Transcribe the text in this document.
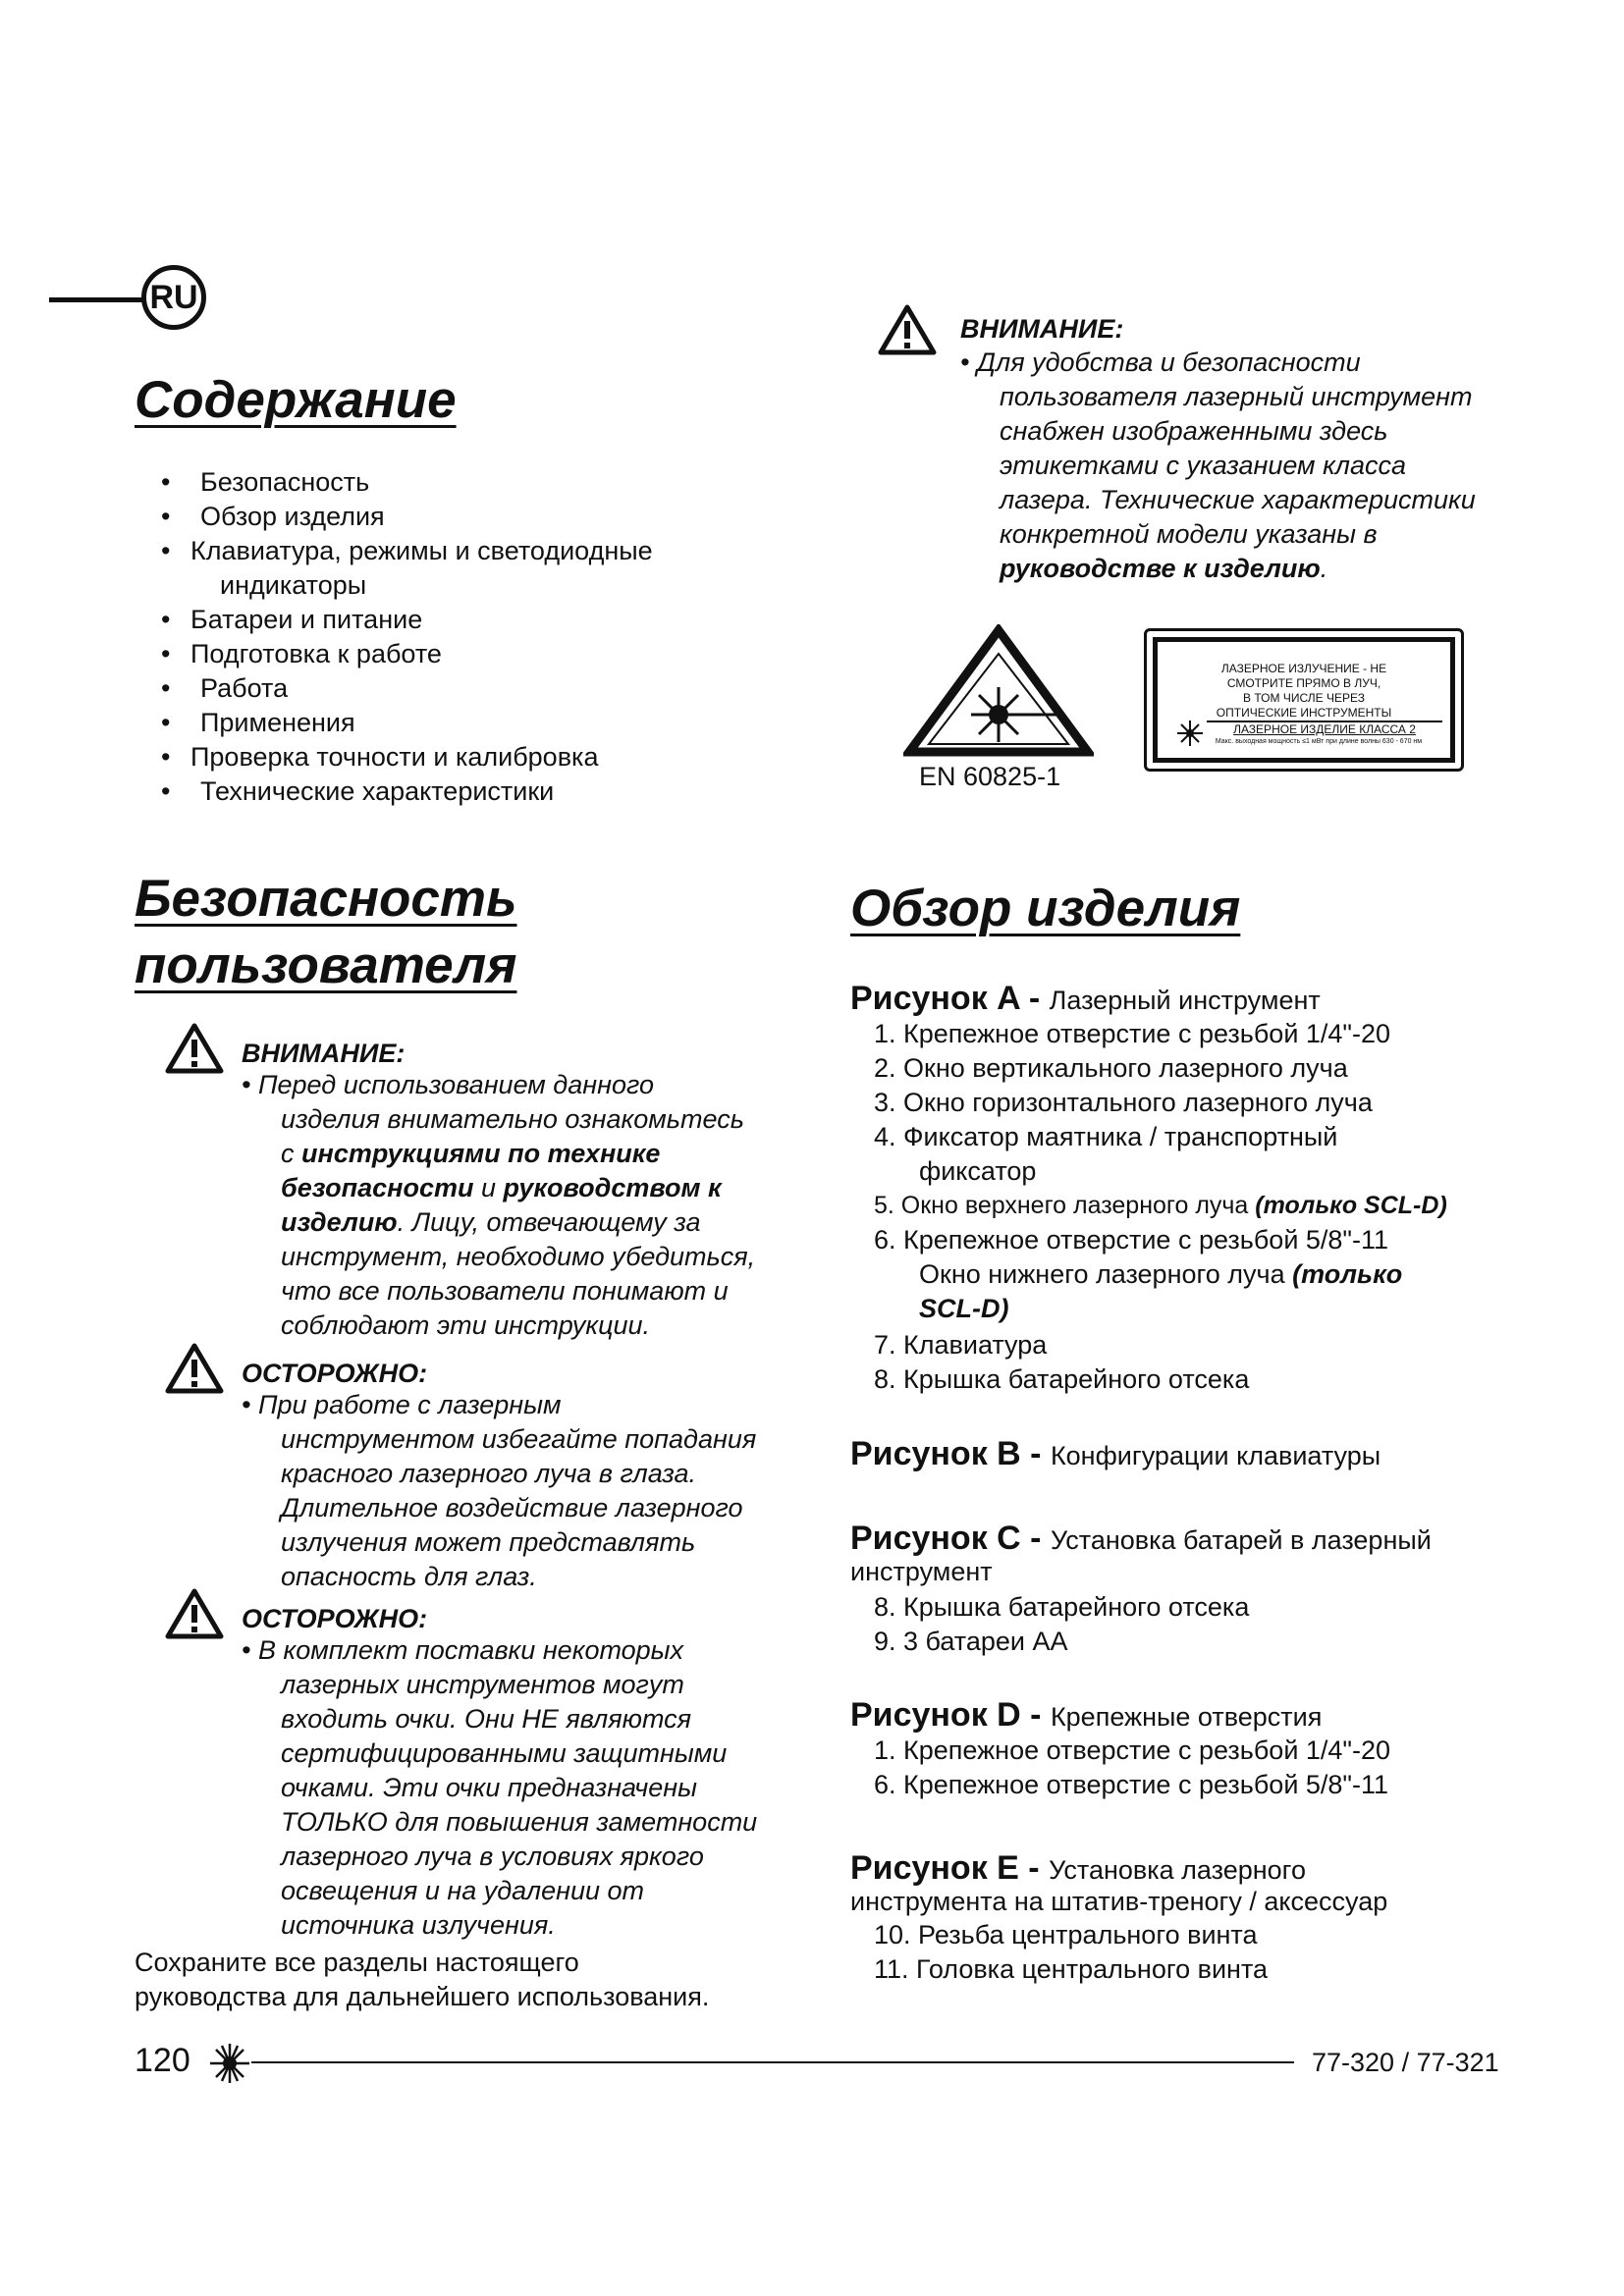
RU
Содержание
• Безопасность
• Обзор изделия
• Клавиатура, режимы и светодиодные
индикаторы
• Батареи и питание
• Подготовка к работе
• Работа
• Применения
• Проверка точности и калибровка
• Технические характеристики
Безопасность
пользователя
ВНИМАНИЕ:
• Перед использованием данного
изделия внимательно ознакомьтесь
с инструкциями по технике
безопасности и руководством к
изделию. Лицу, отвечающему за
инструмент, необходимо убедиться,
что все пользователи понимают и
соблюдают эти инструкции.
ОСТОРОЖНО:
• При работе с лазерным
инструментом избегайте попадания
красного лазерного луча в глаза.
Длительное воздействие лазерного
излучения может представлять
опасность для глаз.
ОСТОРОЖНО:
• В комплект поставки некоторых
лазерных инструментов могут
входить очки. Они НЕ являются
сертифицированными защитными
очками. Эти очки предназначены
ТОЛЬКО для повышения заметности
лазерного луча в условиях яркого
освещения и на удалении от
источника излучения.
Сохраните все разделы настоящего
руководства для дальнейшего использования.
ВНИМАНИЕ:
• Для удобства и безопасности
пользователя лазерный инструмент
снабжен изображенными здесь
этикетками с указанием класса
лазера. Технические характеристики
конкретной модели указаны в
руководстве к изделию.
EN 60825-1
ЛАЗЕРНОЕ ИЗЛУЧЕНИЕ - НЕ
СМОТРИТЕ ПРЯМО В ЛУЧ,
В ТОМ ЧИСЛЕ ЧЕРЕЗ
ОПТИЧЕСКИЕ ИНСТРУМЕНТЫ
ЛАЗЕРНОЕ ИЗДЕЛИЕ КЛАССА 2
Макс. выходная мощность ≤1 мВт при длине волны 630 - 670 нм
Обзор изделия
Рисунок A - Лазерный инструмент
1. Крепежное отверстие с резьбой 1/4"-20
2. Окно вертикального лазерного луча
3. Окно горизонтального лазерного луча
4. Фиксатор маятника / транспортный
фиксатор
5. Окно верхнего лазерного луча (только SCL-D)
6. Крепежное отверстие с резьбой 5/8"-11
Окно нижнего лазерного луча (только
SCL-D)
7. Клавиатура
8. Крышка батарейного отсека
Рисунок B - Конфигурации клавиатуры
Рисунок C - Установка батарей в лазерный
инструмент
8. Крышка батарейного отсека
9. 3 батареи AA
Рисунок D - Крепежные отверстия
1. Крепежное отверстие с резьбой 1/4"-20
6. Крепежное отверстие с резьбой 5/8"-11
Рисунок E - Установка лазерного
инструмента на штатив-треногу / аксессуар
10. Резьба центрального винта
11. Головка центрального винта
120	77-320 / 77-321
